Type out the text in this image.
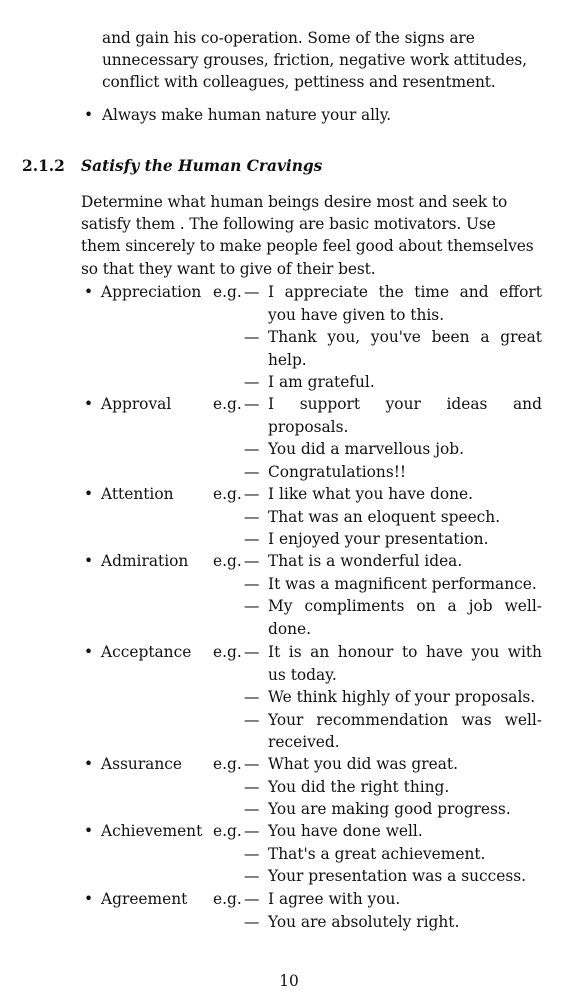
and gain his co-operation. Some of the signs are
unnecessary grouses, friction, negative work attitudes,
conflict with colleagues, pettiness and resentment.
• Always make human nature your ally.
2.1.2 Satisfy the Human Cravings
Determine what human beings desire most and seek to
satisfy them . The following are basic motivators. Use
them sincerely to make people feel good about themselves
so that they want to give of their best.
• Appreciation e.g. — I appreciate the time and effort
you have given to this.
— Thank you, you've been a great
help.
— I am grateful.
• Approval	e.g. — I support your ideas and
proposals.
— You did a marvellous job.
— Congratulations!!
• Attention	e.g. — I like what you have done.
— That was an eloquent speech.
— I enjoyed your presentation.
• Admiration e.g. — That is a wonderful idea.
— It was a magnificent performance.
— My compliments on a job well-
done.
• Acceptance e.g. — It is an honour to have you with
us today.
— We think highly of your proposals.
— Your recommendation was well-
received.
• Assurance e.g. — What you did was great.
— You did the right thing.
— You are making good progress.
• Achievement e.g. — You have done well.
— That's a great achievement.
— Your presentation was a success.
• Agreement e.g. — I agree with you.
— You are absolutely right.
10
